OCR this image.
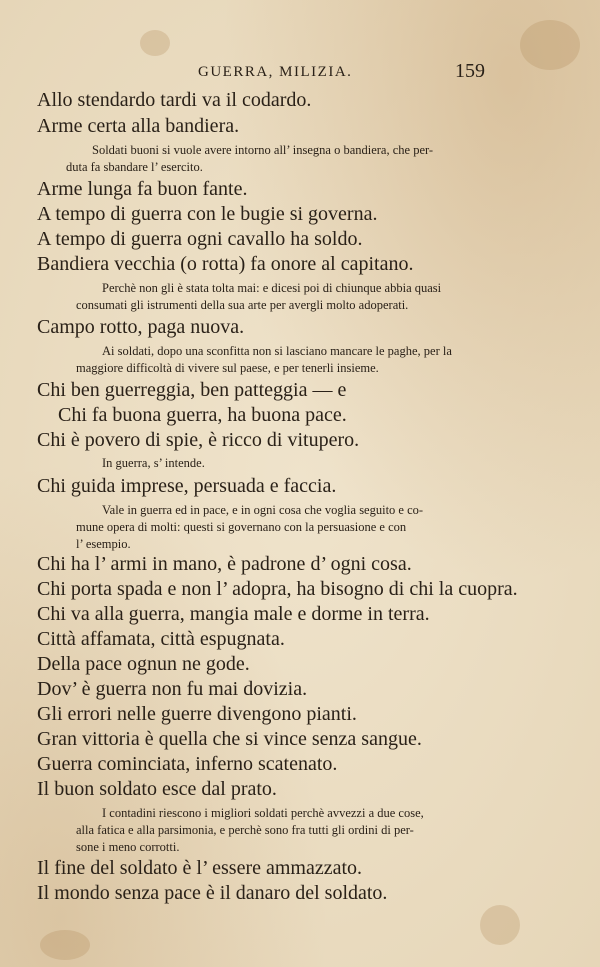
GUERRA, MILIZIA.	159
Allo stendardo tardi va il codardo.
Arme certa alla bandiera.
Soldati buoni si vuole avere intorno all’ insegna o bandiera, che per-
duta fa sbandare l’ esercito.
Arme lunga fa buon fante.
A tempo di guerra con le bugie si governa.
A tempo di guerra ogni cavallo ha soldo.
Bandiera vecchia (o rotta) fa onore al capitano.
Perchè non gli è stata tolta mai: e dicesi poi di chiunque abbia quasi
consumati gli istrumenti della sua arte per avergli molto adoperati.
Campo rotto, paga nuova.
Ai soldati, dopo una sconfitta non si lasciano mancare le paghe, per la
maggiore difficoltà di vivere sul paese, e per tenerli insieme.
Chi ben guerreggia, ben patteggia — e
Chi fa buona guerra, ha buona pace.
Chi è povero di spie, è ricco di vitupero.
In guerra, s’ intende.
Chi guida imprese, persuada e faccia.
Vale in guerra ed in pace, e in ogni cosa che voglia seguito e co-
mune opera di molti: questi si governano con la persuasione e con
l’ esempio.
Chi ha l’ armi in mano, è padrone d’ ogni cosa.
Chi porta spada e non l’ adopra, ha bisogno di chi la cuopra.
Chi va alla guerra, mangia male e dorme in terra.
Città affamata, città espugnata.
Della pace ognun ne gode.
Dov’ è guerra non fu mai dovizia.
Gli errori nelle guerre divengono pianti.
Gran vittoria è quella che si vince senza sangue.
Guerra cominciata, inferno scatenato.
Il buon soldato esce dal prato.
I contadini riescono i migliori soldati perchè avvezzi a due cose,
alla fatica e alla parsimonia, e perchè sono fra tutti gli ordini di per-
sone i meno corrotti.
Il fine del soldato è l’ essere ammazzato.
Il mondo senza pace è il danaro del soldato.
